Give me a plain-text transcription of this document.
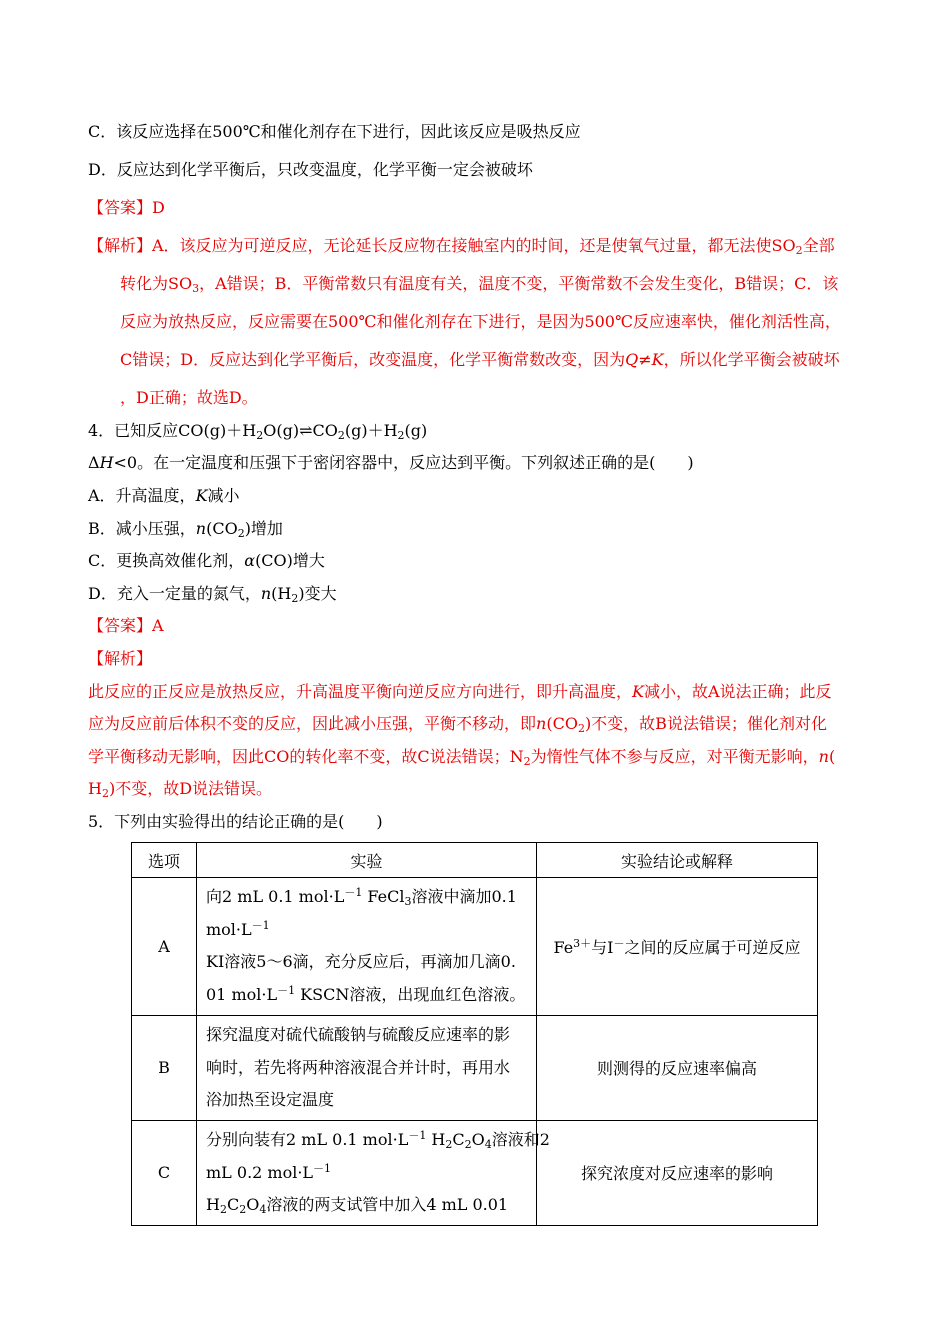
C．该反应选择在500℃和催化剂存在下进行，因此该反应是吸热反应
D．反应达到化学平衡后，只改变温度，化学平衡一定会被破坏
【答案】D
【解析】A．该反应为可逆反应，无论延长反应物在接触室内的时间，还是使氧气过量，都无法使$SO_2$全部
转化为$SO_3$，A错误；B．平衡常数只有温度有关，温度不变，平衡常数不会发生变化，B错误；C．该
反应为放热反应，反应需要在500℃和催化剂存在下进行，是因为500℃反应速率快，催化剂活性高，
C错误；D．反应达到化学平衡后，改变温度，化学平衡常数改变，因为Q≠K，所以化学平衡会被破坏
，D正确；故选D。
4．已知反应$CO(g)+H_2O(g)\rightleftharpoons CO_2(g)+H_2(g)$
ΔH<0。在一定温度和压强下于密闭容器中，反应达到平衡。下列叙述正确的是(　　)
A．升高温度，K减小
B．减小压强，$n(CO_2)$增加
C．更换高效催化剂，α(CO)增大
D．充入一定量的氮气，$n(H_2)$变大
【答案】A
【解析】
此反应的正反应是放热反应，升高温度平衡向逆反应方向进行，即升高温度，K减小，故A说法正确；此反
应为反应前后体积不变的反应，因此减小压强，平衡不移动，即$n(CO_2)$不变，故B说法错误；催化剂对化
学平衡移动无影响，因此CO的转化率不变，故C说法错误；$N_2$为惰性气体不参与反应，对平衡无影响，n(
$H_2$)不变，故D说法错误。
5．下列由实验得出的结论正确的是(　　)
选项	实验	实验结论或解释
A	向2 mL 0.1 $mol\cdot L^{-1}$ FeCl$_3$溶液中滴加0.1
$mol\cdot L^{-1}$
KI溶液5～6滴，充分反应后，再滴加几滴0.
01 $mol\cdot L^{-1}$ KSCN溶液，出现血红色溶液。	$Fe^{3+}$与I－之间的反应属于可逆反应
B	探究温度对硫代硫酸钠与硫酸反应速率的影
响时，若先将两种溶液混合并计时，再用水
浴加热至设定温度	则测得的反应速率偏高
C	分别向装有2 mL 0.1 $mol\cdot L^{-1}$ $H_2C_2O_4$溶液和2
mL 0.2 $mol\cdot L^{-1}$
$H_2C_2O_4$溶液的两支试管中加入4 mL 0.01	探究浓度对反应速率的影响
